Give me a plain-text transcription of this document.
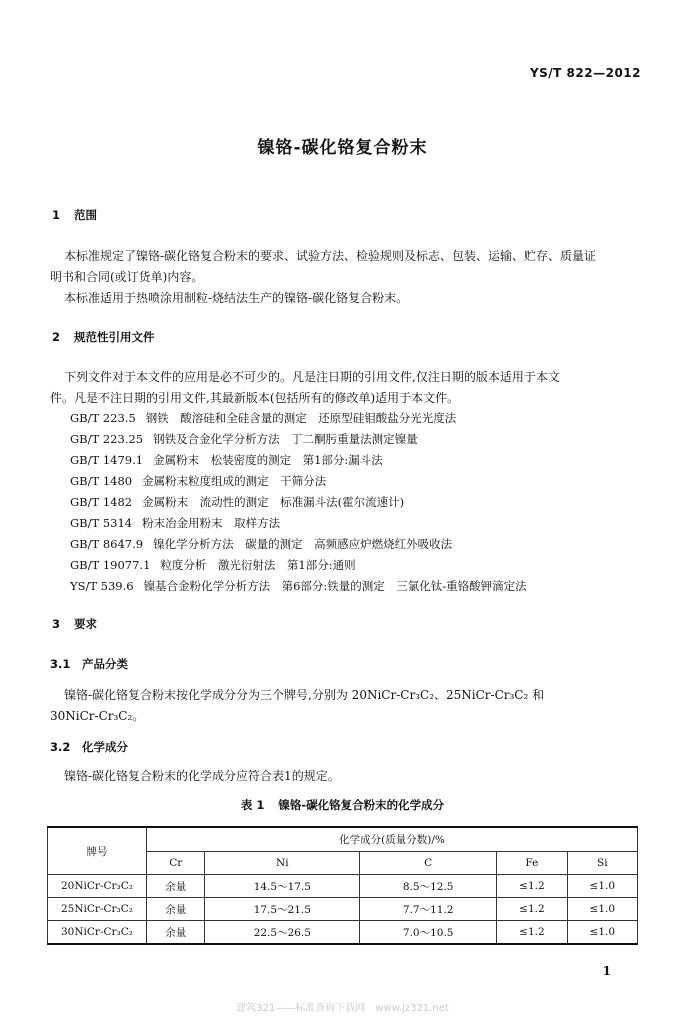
YS/T 822—2012
镍铬-碳化铬复合粉末
1 范围
本标准规定了镍铬-碳化铬复合粉末的要求、试验方法、检验规则及标志、包装、运输、贮存、质量证
明书和合同(或订货单)内容。
本标准适用于热喷涂用制粒-烧结法生产的镍铬-碳化铬复合粉末。
2 规范性引用文件
下列文件对于本文件的应用是必不可少的。凡是注日期的引用文件,仅注日期的版本适用于本文
件。凡是不注日期的引用文件,其最新版本(包括所有的修改单)适用于本文件。
GB/T 223.5 钢铁　酸溶硅和全硅含量的测定　还原型硅钼酸盐分光光度法
GB/T 223.25 钢铁及合金化学分析方法　丁二酮肟重量法测定镍量
GB/T 1479.1 金属粉末　松装密度的测定　第1部分:漏斗法
GB/T 1480 金属粉末粒度组成的测定　干筛分法
GB/T 1482 金属粉末　流动性的测定　标准漏斗法(霍尔流速计)
GB/T 5314 粉末冶金用粉末　取样方法
GB/T 8647.9 镍化学分析方法　碳量的测定　高频感应炉燃烧红外吸收法
GB/T 19077.1 粒度分析　激光衍射法　第1部分:通则
YS/T 539.6 镍基合金粉化学分析方法　第6部分:铁量的测定　三氯化钛-重铬酸钾滴定法
3 要求
3.1 产品分类
镍铬-碳化铬复合粉末按化学成分分为三个牌号,分别为 20NiCr-Cr₃C₂、25NiCr-Cr₃C₂ 和
30NiCr-Cr₃C₂。
3.2 化学成分
镍铬-碳化铬复合粉末的化学成分应符合表1的规定。
表 1 镍铬-碳化铬复合粉末的化学成分
牌号	化学成分(质量分数)/%				
	Cr	Ni	C	Fe	Si
20NiCr-Cr₃C₂	余量	14.5～17.5	8.5～12.5	≤1.2	≤1.0
25NiCr-Cr₃C₂	余量	17.5～21.5	7.7～11.2	≤1.2	≤1.0
30NiCr-Cr₃C₂	余量	22.5～26.5	7.0～10.5	≤1.2	≤1.0
1
建筑321——标准查询下载网　www.jz321.net
